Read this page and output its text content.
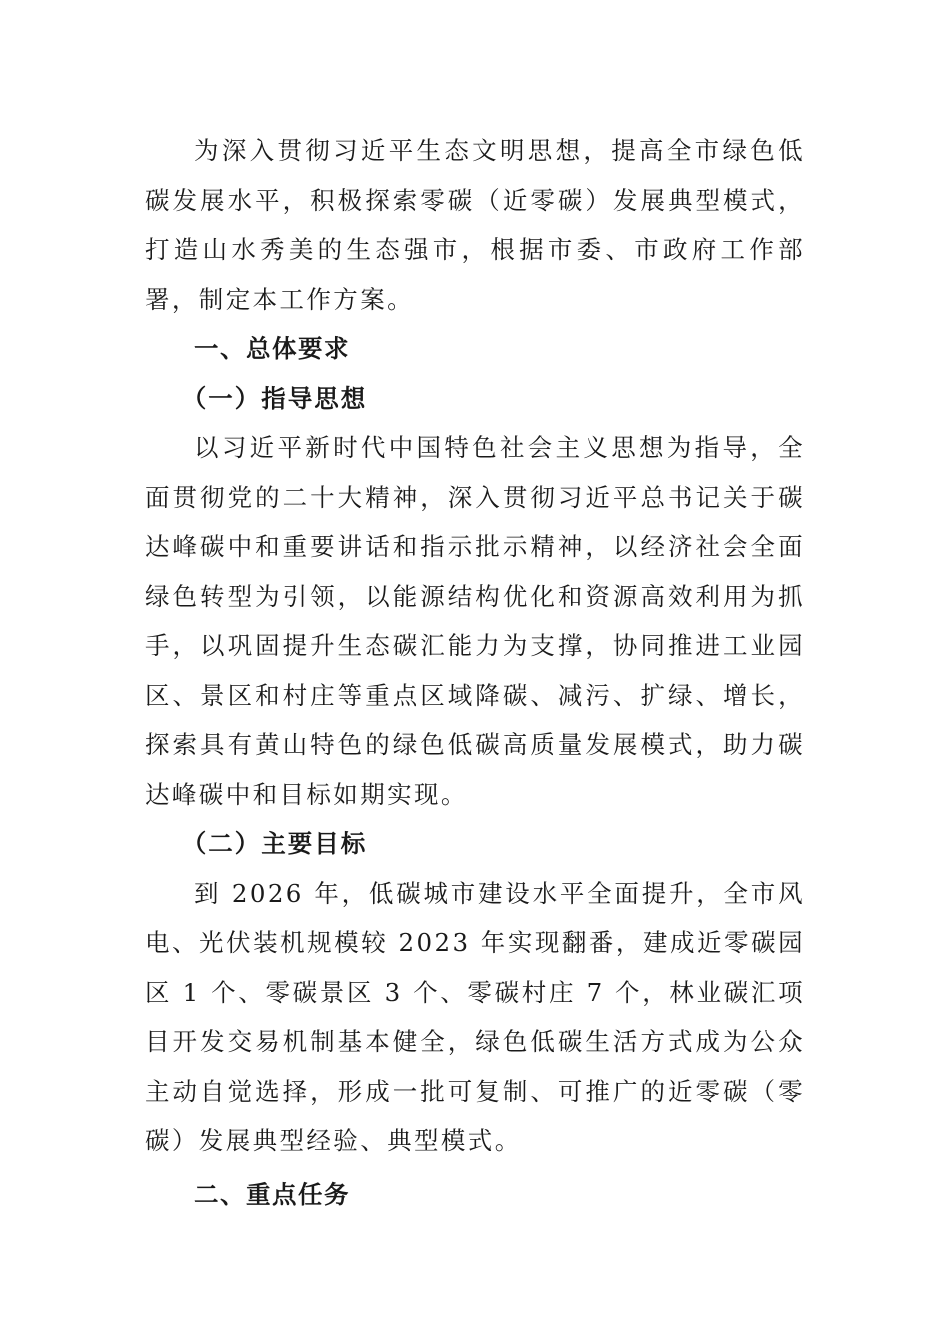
为深入贯彻习近平生态文明思想，提高全市绿色低碳发展水平，积极探索零碳（近零碳）发展典型模式，打造山水秀美的生态强市，根据市委、市政府工作部署，制定本工作方案。

一、总体要求

（一）指导思想

以习近平新时代中国特色社会主义思想为指导，全面贯彻党的二十大精神，深入贯彻习近平总书记关于碳达峰碳中和重要讲话和指示批示精神，以经济社会全面绿色转型为引领，以能源结构优化和资源高效利用为抓手，以巩固提升生态碳汇能力为支撑，协同推进工业园区、景区和村庄等重点区域降碳、减污、扩绿、增长，探索具有黄山特色的绿色低碳高质量发展模式，助力碳达峰碳中和目标如期实现。

（二）主要目标

到 2026 年，低碳城市建设水平全面提升，全市风电、光伏装机规模较 2023 年实现翻番，建成近零碳园区 1 个、零碳景区 3 个、零碳村庄 7 个，林业碳汇项目开发交易机制基本健全，绿色低碳生活方式成为公众主动自觉选择，形成一批可复制、可推广的近零碳（零碳）发展典型经验、典型模式。

二、重点任务
